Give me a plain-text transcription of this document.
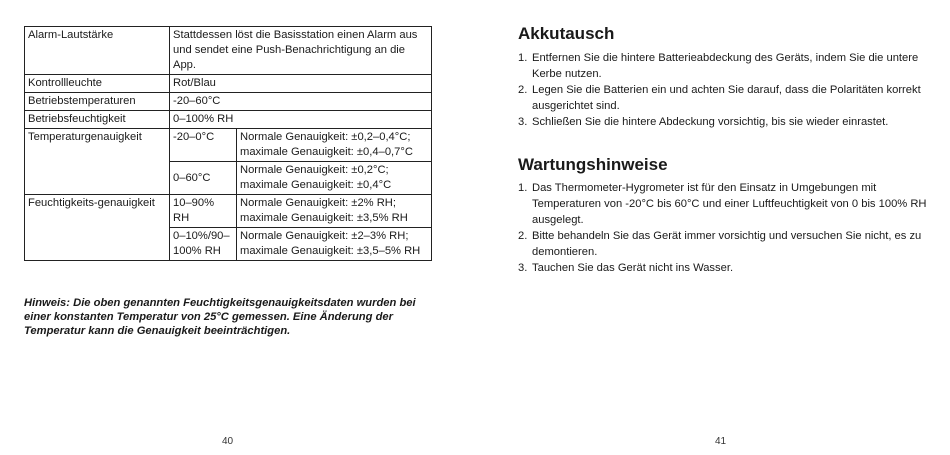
Alarm-Lautstärke	Stattdessen löst die Basisstation einen Alarm aus und sendet eine Push-Benachrichtigung an die App.	
Kontrollleuchte	Rot/Blau	
Betriebstemperaturen	-20–60°C	
Betriebsfeuchtigkeit	0–100% RH	
Temperaturgenauigkeit	-20–0°C	Normale Genauigkeit: ±0,2–0,4°C;
maximale Genauigkeit: ±0,4–0,7°C
	0–60°C	Normale Genauigkeit: ±0,2°C;
maximale Genauigkeit: ±0,4°C
Feuchtigkeits-genauigkeit	10–90% RH	Normale Genauigkeit: ±2% RH;
maximale Genauigkeit: ±3,5% RH
	0–10%/90–100% RH	Normale Genauigkeit: ±2–3% RH;
maximale Genauigkeit: ±3,5–5% RH
Hinweis: Die oben genannten Feuchtigkeitsgenauigkeitsdaten wurden bei einer konstanten Temperatur von 25°C gemessen. Eine Änderung der Temperatur kann die Genauigkeit beeinträchtigen.
40
Akkutausch
1. Entfernen Sie die hintere Batterieabdeckung des Geräts, indem Sie die untere Kerbe nutzen.
2. Legen Sie die Batterien ein und achten Sie darauf, dass die Polaritäten korrekt ausgerichtet sind.
3. Schließen Sie die hintere Abdeckung vorsichtig, bis sie wieder einrastet.
Wartungshinweise
1. Das Thermometer-Hygrometer ist für den Einsatz in Umgebungen mit Temperaturen von -20°C bis 60°C und einer Luftfeuchtigkeit von 0 bis 100% RH ausgelegt.
2. Bitte behandeln Sie das Gerät immer vorsichtig und versuchen Sie nicht, es zu demontieren.
3. Tauchen Sie das Gerät nicht ins Wasser.
41
